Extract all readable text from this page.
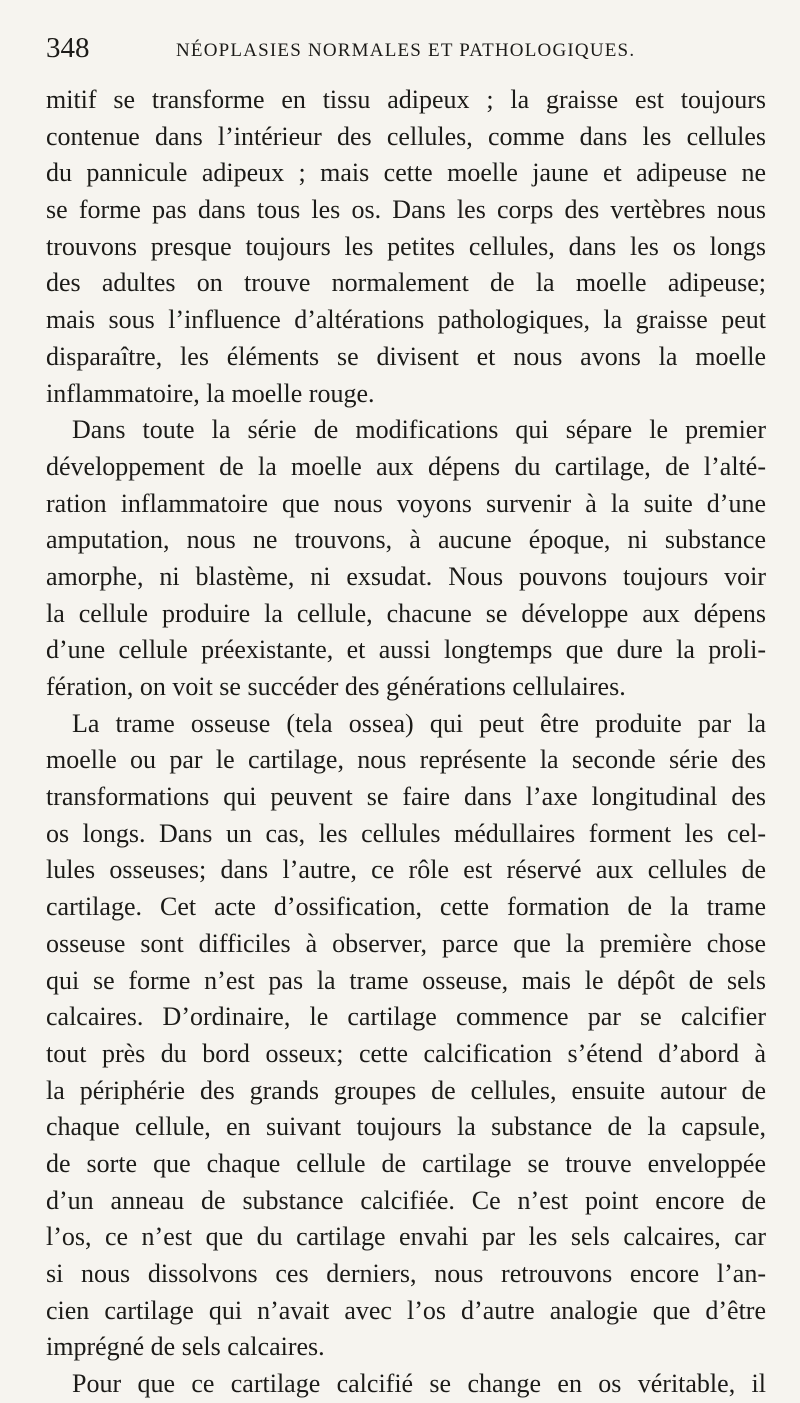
348	NÉOPLASIES NORMALES ET PATHOLOGIQUES.
mitif se transforme en tissu adipeux ; la graisse est toujours
contenue dans l’intérieur des cellules, comme dans les cellules
du pannicule adipeux ; mais cette moelle jaune et adipeuse ne
se forme pas dans tous les os. Dans les corps des vertèbres nous
trouvons presque toujours les petites cellules, dans les os longs
des adultes on trouve normalement de la moelle adipeuse;
mais sous l’influence d’altérations pathologiques, la graisse peut
disparaître, les éléments se divisent et nous avons la moelle
inflammatoire, la moelle rouge.
Dans toute la série de modifications qui sépare le premier
développement de la moelle aux dépens du cartilage, de l’alté-
ration inflammatoire que nous voyons survenir à la suite d’une
amputation, nous ne trouvons, à aucune époque, ni substance
amorphe, ni blastème, ni exsudat. Nous pouvons toujours voir
la cellule produire la cellule, chacune se développe aux dépens
d’une cellule préexistante, et aussi longtemps que dure la proli-
fération, on voit se succéder des générations cellulaires.
La trame osseuse (tela ossea) qui peut être produite par la
moelle ou par le cartilage, nous représente la seconde série des
transformations qui peuvent se faire dans l’axe longitudinal des
os longs. Dans un cas, les cellules médullaires forment les cel-
lules osseuses; dans l’autre, ce rôle est réservé aux cellules de
cartilage. Cet acte d’ossification, cette formation de la trame
osseuse sont difficiles à observer, parce que la première chose
qui se forme n’est pas la trame osseuse, mais le dépôt de sels
calcaires. D’ordinaire, le cartilage commence par se calcifier
tout près du bord osseux; cette calcification s’étend d’abord à
la périphérie des grands groupes de cellules, ensuite autour de
chaque cellule, en suivant toujours la substance de la capsule,
de sorte que chaque cellule de cartilage se trouve enveloppée
d’un anneau de substance calcifiée. Ce n’est point encore de
l’os, ce n’est que du cartilage envahi par les sels calcaires, car
si nous dissolvons ces derniers, nous retrouvons encore l’an-
cien cartilage qui n’avait avec l’os d’autre analogie que d’être
imprégné de sels calcaires.
Pour que ce cartilage calcifié se change en os véritable, il
